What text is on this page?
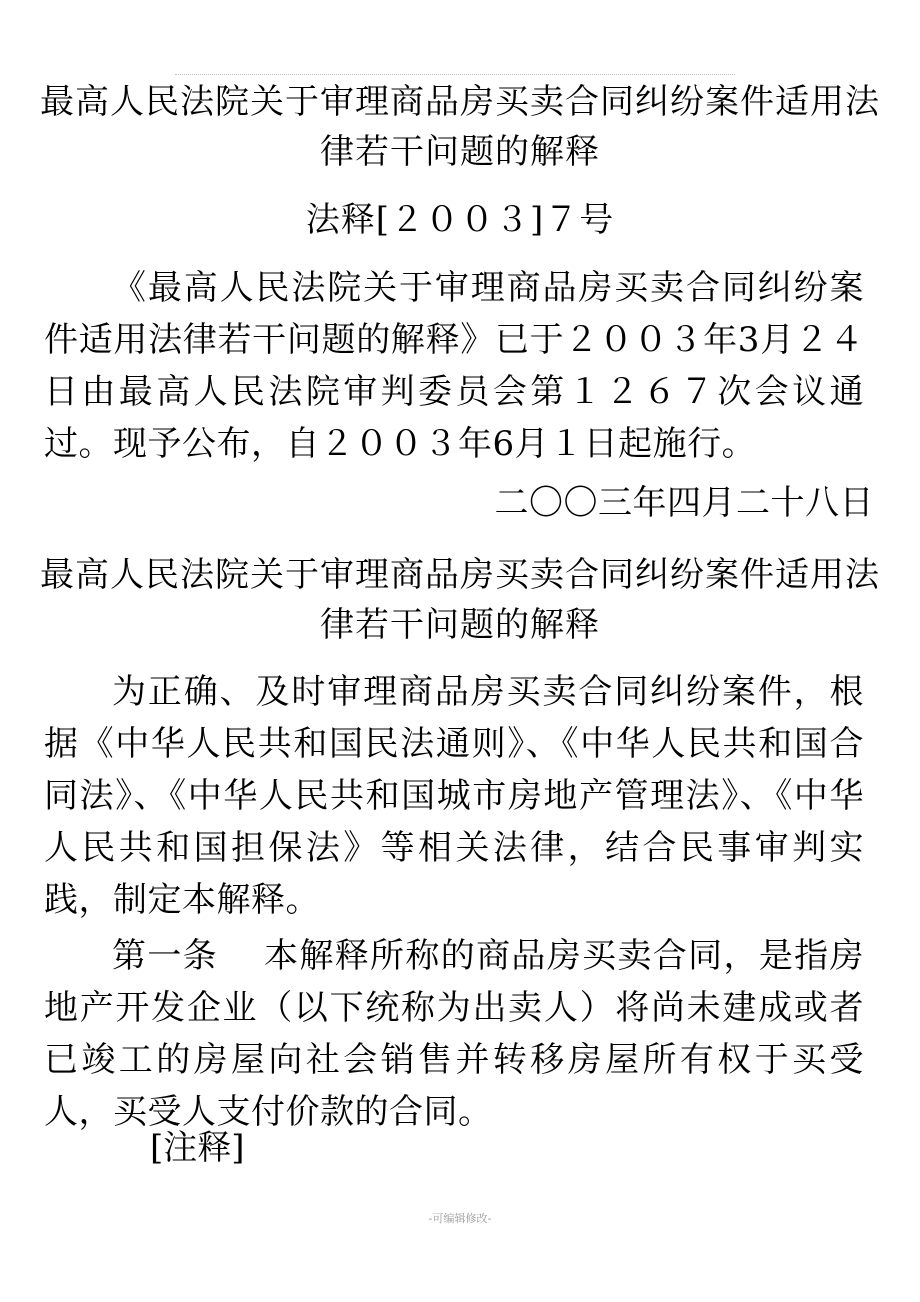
最高人民法院关于审理商品房买卖合同纠纷案件适用法律若干问题的解释
法释[２００３]７号
《最高人民法院关于审理商品房买卖合同纠纷案件适用法律若干问题的解释》已于２００３年3月２４日由最高人民法院审判委员会第１２６７次会议通过。现予公布，自２００３年6月１日起施行。
二〇〇三年四月二十八日
最高人民法院关于审理商品房买卖合同纠纷案件适用法律若干问题的解释
为正确、及时审理商品房买卖合同纠纷案件，根据《中华人民共和国民法通则》、《中华人民共和国合同法》、《中华人民共和国城市房地产管理法》、《中华人民共和国担保法》等相关法律，结合民事审判实践，制定本解释。
第一条 本解释所称的商品房买卖合同，是指房地产开发企业（以下统称为出卖人）将尚未建成或者已竣工的房屋向社会销售并转移房屋所有权于买受人，买受人支付价款的合同。
[注释]
-可编辑修改-
